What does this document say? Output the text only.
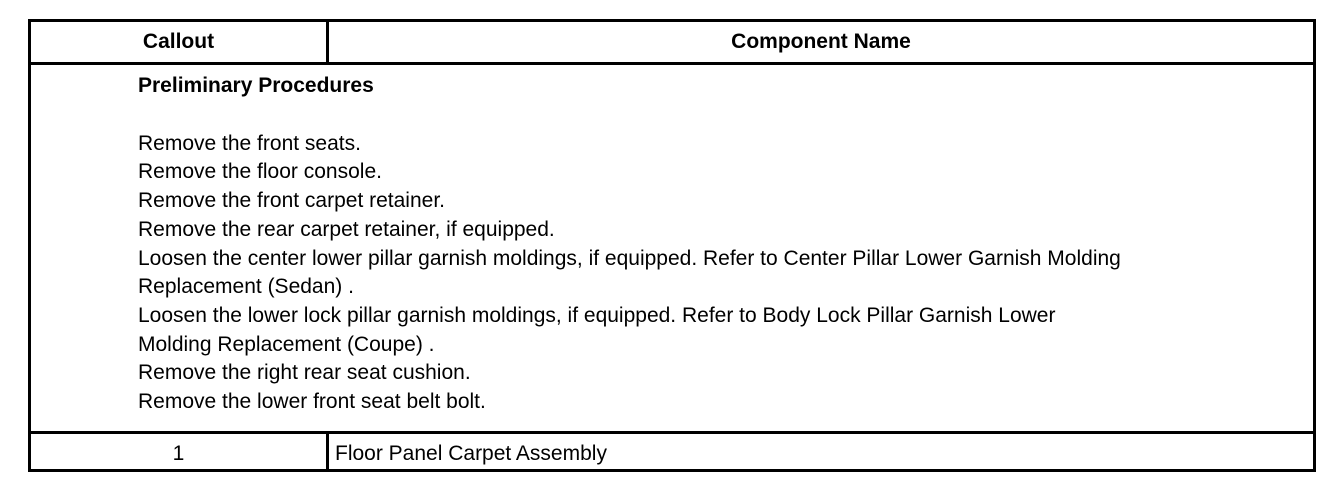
Callout	Component Name
Preliminary Procedures
Remove the front seats.
Remove the floor console.
Remove the front carpet retainer.
Remove the rear carpet retainer, if equipped.
Loosen the center lower pillar garnish moldings, if equipped. Refer to Center Pillar Lower Garnish Molding
Replacement (Sedan) .
Loosen the lower lock pillar garnish moldings, if equipped. Refer to Body Lock Pillar Garnish Lower
Molding Replacement (Coupe) .
Remove the right rear seat cushion.
Remove the lower front seat belt bolt.
1	Floor Panel Carpet Assembly
